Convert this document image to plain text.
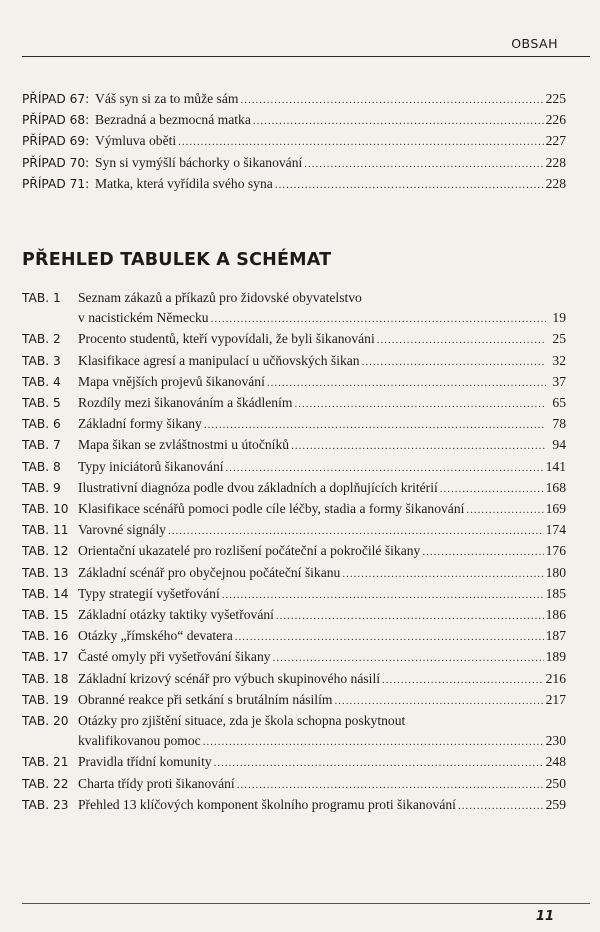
OBSAH
PŘÍPAD 67: Váš syn si za to může sám .....	225
PŘÍPAD 68: Bezradná a bezmocná matka .....	226
PŘÍPAD 69: Výmluva oběti .....	227
PŘÍPAD 70: Syn si vymýšlí báchorky o šikanování .....	228
PŘÍPAD 71: Matka, která vyřídila svého syna .....	228
PŘEHLED TABULEK A SCHÉMAT
TAB. 1	Seznam zákazů a příkazů pro židovské obyvatelstvo
v nacistickém Německu .....	19
TAB. 2	Procento studentů, kteří vypovídali, že byli šikanováni .....	25
TAB. 3	Klasifikace agresí a manipulací u učňovských šikan .....	32
TAB. 4	Mapa vnějších projevů šikanování .....	37
TAB. 5	Rozdíly mezi šikanováním a škádlením .....	65
TAB. 6	Základní formy šikany .....	78
TAB. 7	Mapa šikan se zvláštnostmi u útočníků .....	94
TAB. 8	Typy iniciátorů šikanování .....	141
TAB. 9	Ilustrativní diagnóza podle dvou základních a doplňujících kritérií .....	168
TAB. 10 Klasifikace scénářů pomoci podle cíle léčby, stadia a formy šikanování .....	169
TAB. 11 Varovné signály .....	174
TAB. 12 Orientační ukazatelé pro rozlišení počáteční a pokročilé šikany .....	176
TAB. 13 Základní scénář pro obyčejnou počáteční šikanu .....	180
TAB. 14 Typy strategií vyšetřování .....	185
TAB. 15 Základní otázky taktiky vyšetřování .....	186
TAB. 16 Otázky „římského“ devatera .....	187
TAB. 17 Časté omyly při vyšetřování šikany .....	189
TAB. 18 Základní krizový scénář pro výbuch skupinového násilí .....	216
TAB. 19 Obranné reakce při setkání s brutálním násilím .....	217
TAB. 20 Otázky pro zjištění situace, zda je škola schopna poskytnout
kvalifikovanou pomoc .....	230
TAB. 21 Pravidla třídní komunity .....	248
TAB. 22 Charta třídy proti šikanování .....	250
TAB. 23 Přehled 13 klíčových komponent školního programu proti šikanování .....	259
11
